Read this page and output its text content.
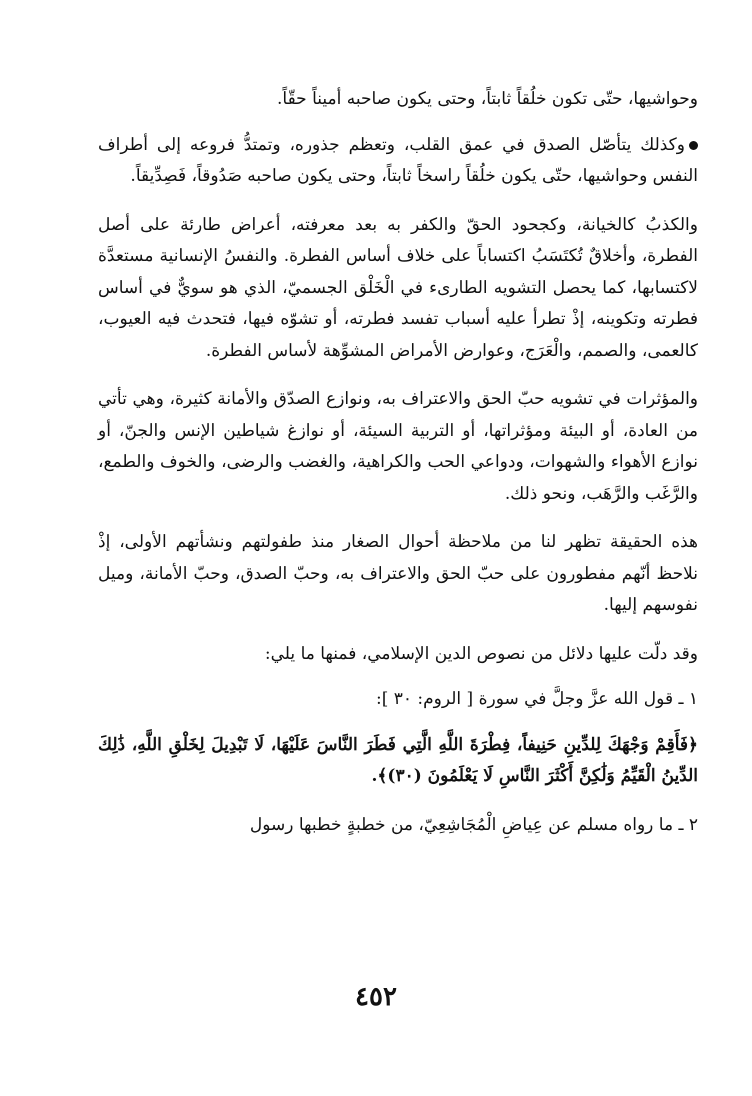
وحواشيها، حتّى تكون خلُقاً ثابتاً، وحتى يكون صاحبه أميناً حقّاً.

وكذلك يتأصّل الصدق في عمق القلب، وتعظم جذوره، وتمتدُّ فروعه إلى أطراف النفس وحواشيها، حتّى يكون خلُقاً راسخاً ثابتاً، وحتى يكون صاحبه صَدُوقاً، فَصِدِّيقاً.

والكذبُ كالخيانة، وكجحود الحقّ والكفر به بعد معرفته، أعراض طارئة على أصل الفطرة، وأخلاقٌ تُكتَسَبُ اكتساباً على خلاف أساس الفطرة. والنفسُ الإنسانية مستعدَّة لاكتسابها، كما يحصل التشويه الطارىء في الْخَلْق الجسميّ، الذي هو سويٌّ في أساس فطرته وتكوينه، إذْ تطرأ عليه أسباب تفسد فطرته، أو تشوّه فيها، فتحدث فيه العيوب، كالعمى، والصمم، والْعَرَج، وعوارض الأمراض المشوِّهة لأساس الفطرة.

والمؤثرات في تشويه حبّ الحق والاعتراف به، ونوازع الصدّق والأمانة كثيرة، وهي تأتي من العادة، أو البيئة ومؤثراتها، أو التربية السيئة، أو نوازغ شياطين الإنس والجنّ، أو نوازع الأهواء والشهوات، ودواعي الحب والكراهية، والغضب والرضى، والخوف والطمع، والرَّغَب والرَّهَب، ونحو ذلك.

هذه الحقيقة تظهر لنا من ملاحظة أحوال الصغار منذ طفولتهم ونشأتهم الأولى، إذْ نلاحظ أنّهم مفطورون على حبّ الحق والاعتراف به، وحبّ الصدق، وحبّ الأمانة، وميل نفوسهم إليها.

وقد دلّت عليها دلائل من نصوص الدين الإسلامي، فمنها ما يلي:

١ ـ قول الله عزَّ وجلَّ في سورة [ الروم: ٣٠ ]:

﴿فَأَقِمْ وَجْهَكَ لِلدِّينِ حَنِيفاً، فِطْرَةَ اللَّهِ الَّتِي فَطَرَ النَّاسَ عَلَيْهَا، لَا تَبْدِيلَ لِخَلْقِ اللَّهِ، ذَٰلِكَ الدِّينُ الْقَيِّمُ وَلَٰكِنَّ أَكْثَرَ النَّاسِ لَا يَعْلَمُونَ (٣٠)﴾.

٢ ـ ما رواه مسلم عن عِياضِ الْمُجَاشِعِيّ، من خطبةٍ خطبها رسول

٤٥٢
